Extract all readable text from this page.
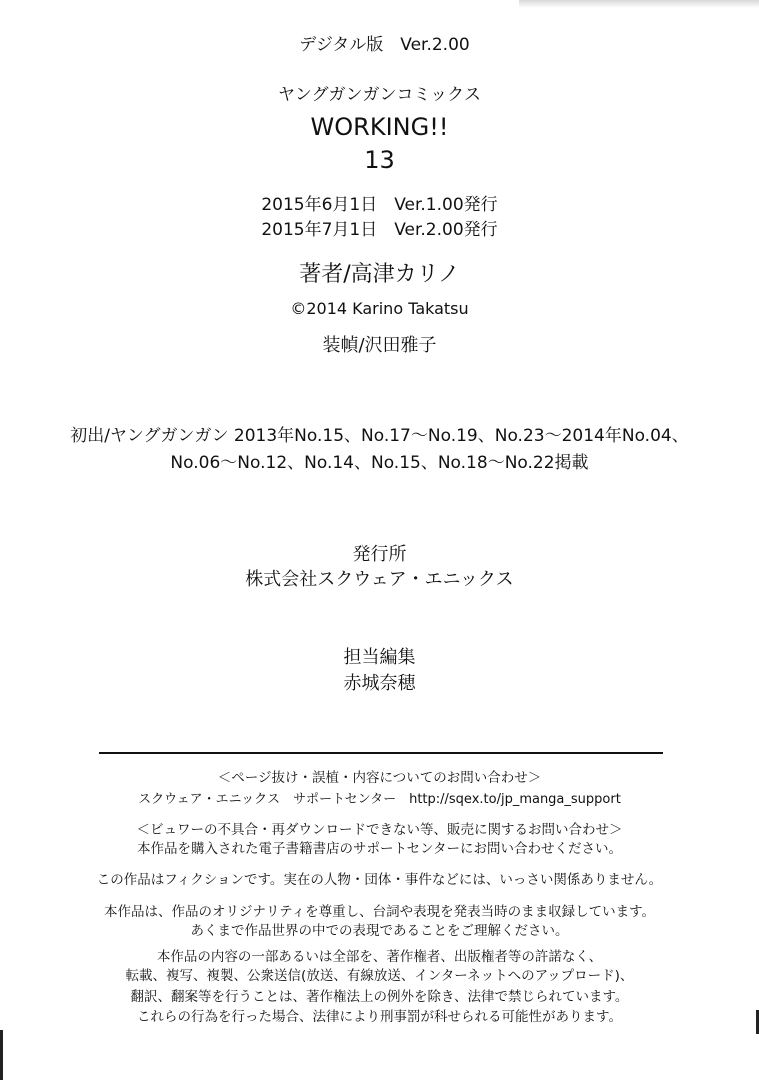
デジタル版　Ver.2.00
ヤングガンガンコミックス
WORKING!!
13
2015年6月1日　Ver.1.00発行
2015年7月1日　Ver.2.00発行
著者/高津カリノ
©2014 Karino Takatsu
装幀/沢田雅子
初出/ヤングガンガン 2013年No.15、No.17～No.19、No.23～2014年No.04、
No.06～No.12、No.14、No.15、No.18～No.22掲載
発行所
株式会社スクウェア・エニックス
担当編集
赤城奈穂
＜ページ抜け・誤植・内容についてのお問い合わせ＞
スクウェア・エニックス　サポートセンター　http://sqex.to/jp_manga_support
＜ビュワーの不具合・再ダウンロードできない等、販売に関するお問い合わせ＞
本作品を購入された電子書籍書店のサポートセンターにお問い合わせください。
この作品はフィクションです。実在の人物・団体・事件などには、いっさい関係ありません。
本作品は、作品のオリジナリティを尊重し、台詞や表現を発表当時のまま収録しています。
あくまで作品世界の中での表現であることをご理解ください。
本作品の内容の一部あるいは全部を、著作権者、出版権者等の許諾なく、
転載、複写、複製、公衆送信(放送、有線放送、インターネットへのアップロード)、
翻訳、翻案等を行うことは、著作権法上の例外を除き、法律で禁じられています。
これらの行為を行った場合、法律により刑事罰が科せられる可能性があります。
